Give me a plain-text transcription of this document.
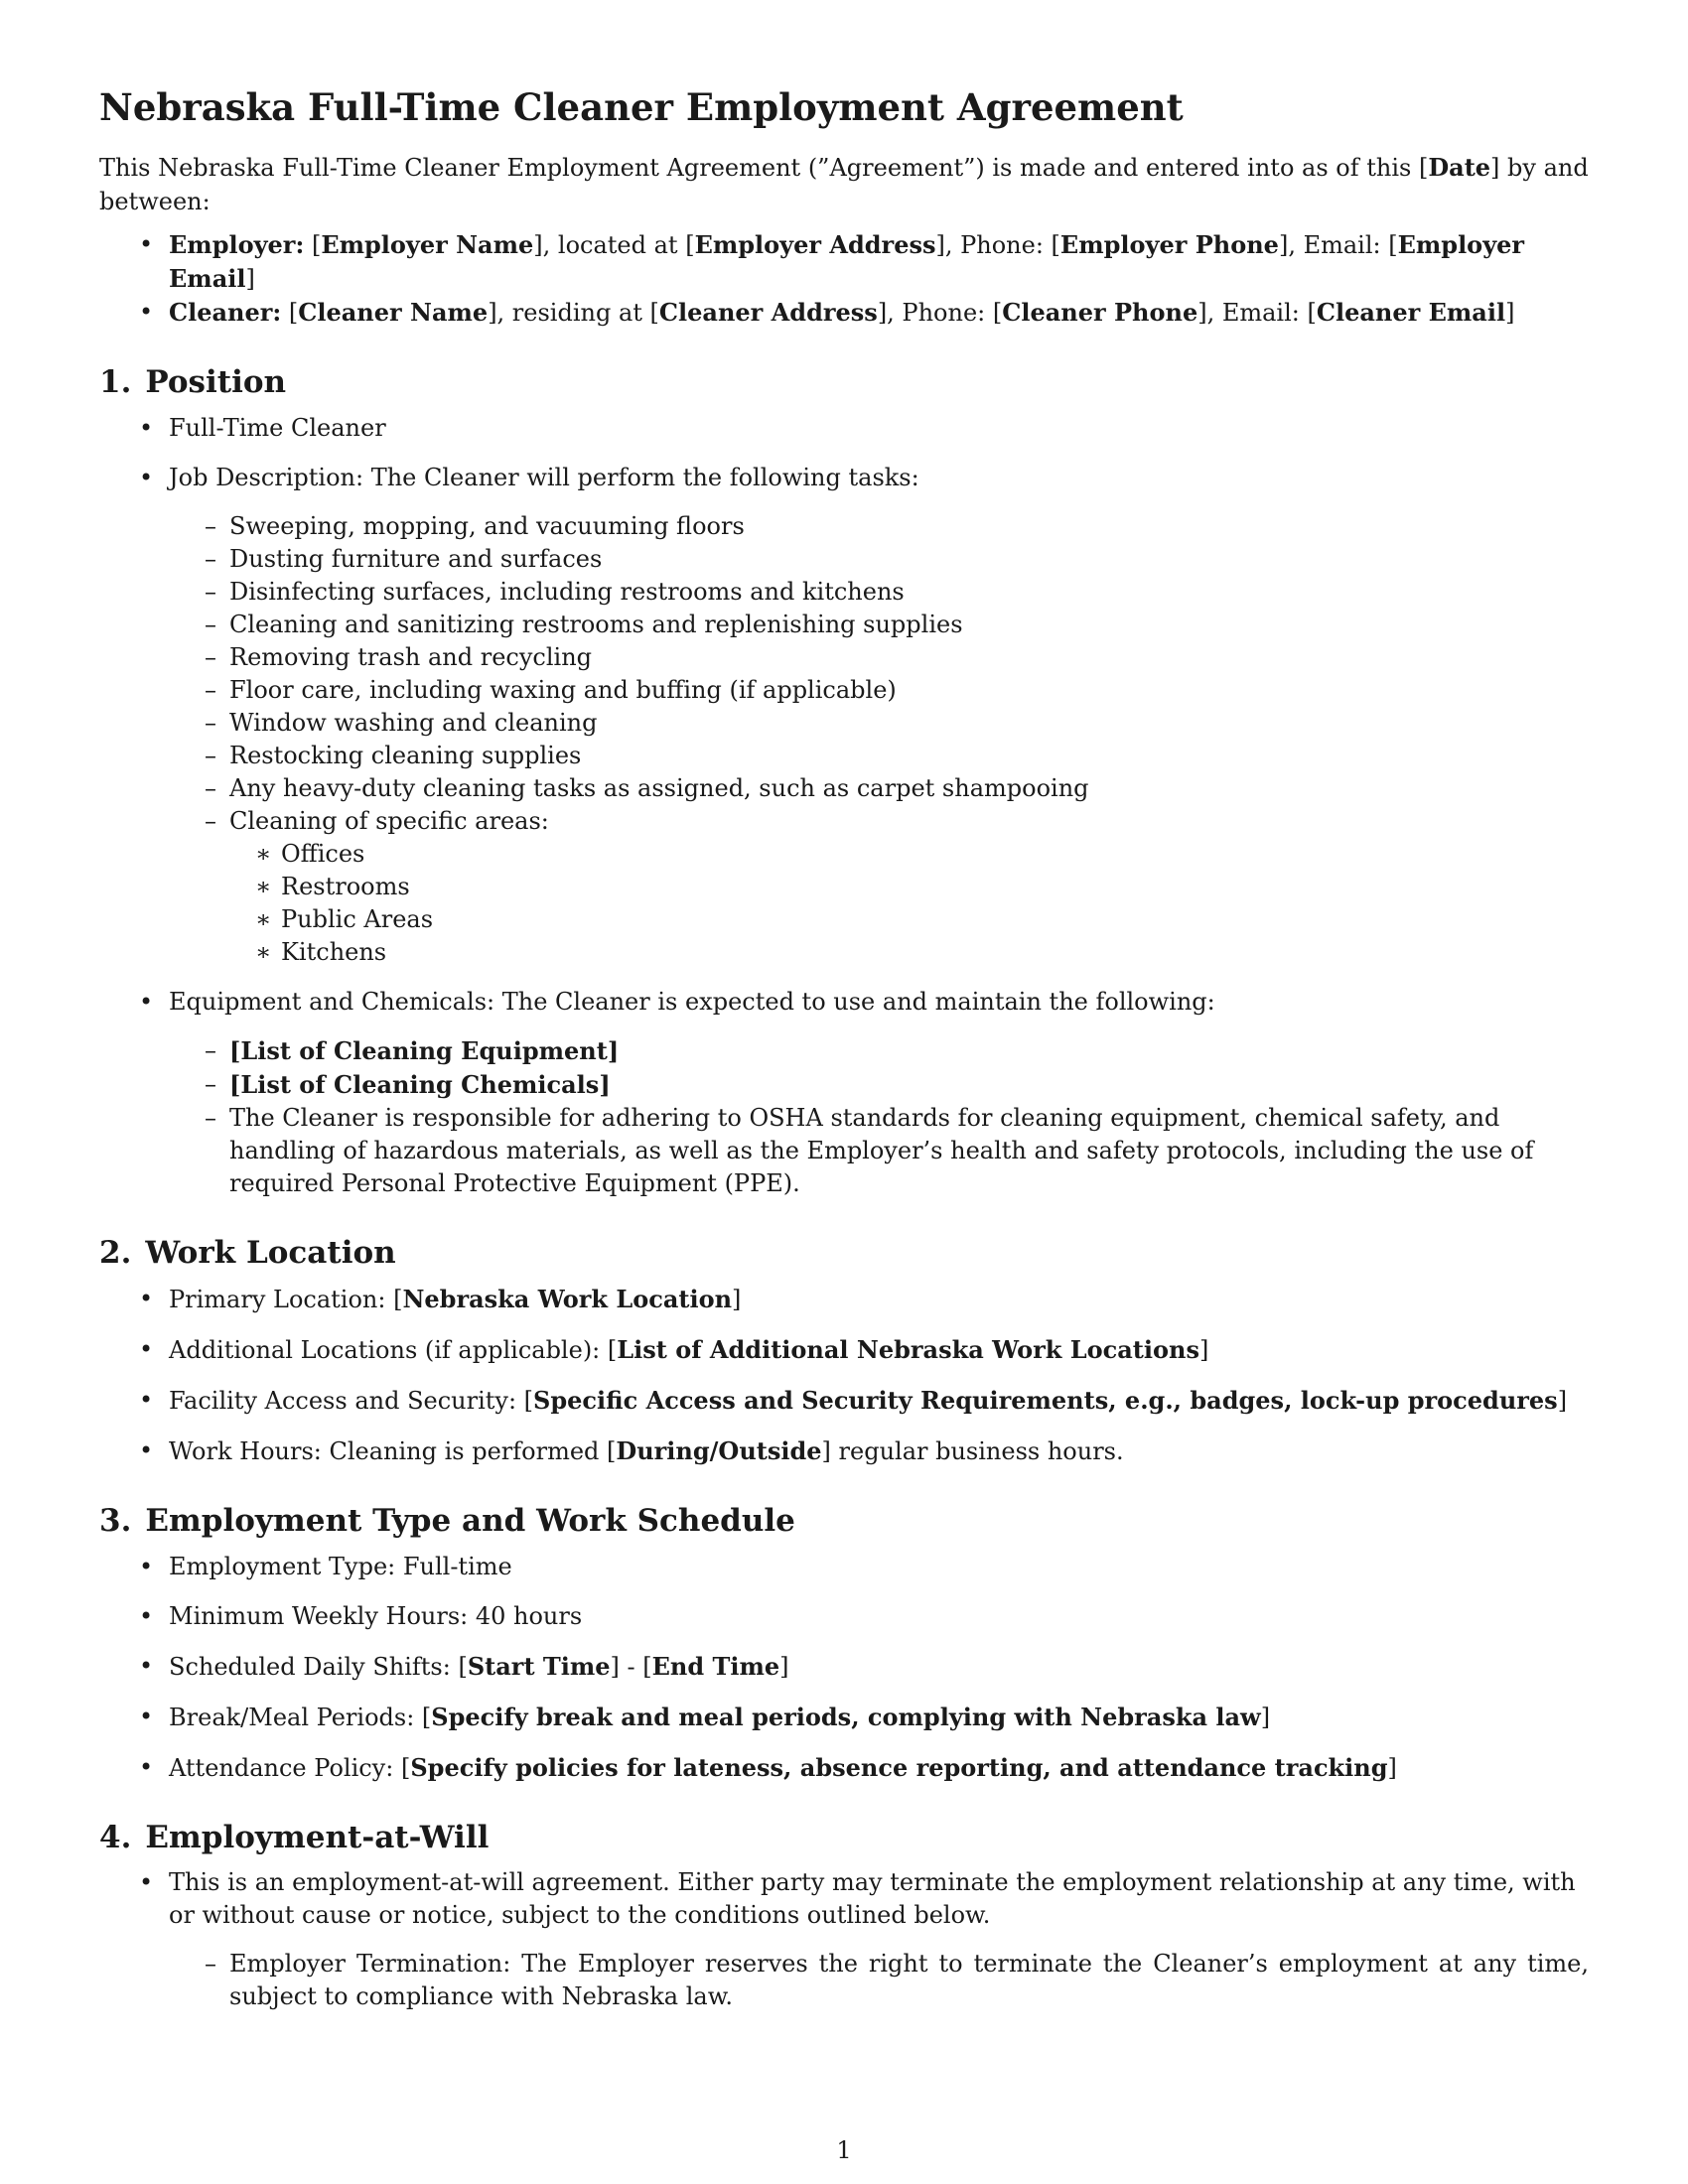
Nebraska Full-Time Cleaner Employment Agreement

This Nebraska Full-Time Cleaner Employment Agreement (”Agreement”) is made and entered into as of this [Date] by and between:

• Employer: [Employer Name], located at [Employer Address], Phone: [Employer Phone], Email: [Employer Email]
• Cleaner: [Cleaner Name], residing at [Cleaner Address], Phone: [Cleaner Phone], Email: [Cleaner Email]
1. Position
• Full-Time Cleaner
• Job Description: The Cleaner will perform the following tasks:
– Sweeping, mopping, and vacuuming floors
– Dusting furniture and surfaces
– Disinfecting surfaces, including restrooms and kitchens
– Cleaning and sanitizing restrooms and replenishing supplies
– Removing trash and recycling
– Floor care, including waxing and buffing (if applicable)
– Window washing and cleaning
– Restocking cleaning supplies
– Any heavy-duty cleaning tasks as assigned, such as carpet shampooing
– Cleaning of specific areas:
∗ Offices
∗ Restrooms
∗ Public Areas
∗ Kitchens
• Equipment and Chemicals: The Cleaner is expected to use and maintain the following:
– [List of Cleaning Equipment]
– [List of Cleaning Chemicals]
– The Cleaner is responsible for adhering to OSHA standards for cleaning equipment, chemical safety, and handling of hazardous materials, as well as the Employer’s health and safety protocols, including the use of required Personal Protective Equipment (PPE).
2. Work Location
• Primary Location: [Nebraska Work Location]
• Additional Locations (if applicable): [List of Additional Nebraska Work Locations]
• Facility Access and Security: [Specific Access and Security Requirements, e.g., badges, lock-up procedures]
• Work Hours: Cleaning is performed [During/Outside] regular business hours.
3. Employment Type and Work Schedule
• Employment Type: Full-time
• Minimum Weekly Hours: 40 hours
• Scheduled Daily Shifts: [Start Time] - [End Time]
• Break/Meal Periods: [Specify break and meal periods, complying with Nebraska law]
• Attendance Policy: [Specify policies for lateness, absence reporting, and attendance tracking]
4. Employment-at-Will
• This is an employment-at-will agreement. Either party may terminate the employment relationship at any time, with or without cause or notice, subject to the conditions outlined below.
– Employer Termination: The Employer reserves the right to terminate the Cleaner’s employment at any time, subject to compliance with Nebraska law.
1
